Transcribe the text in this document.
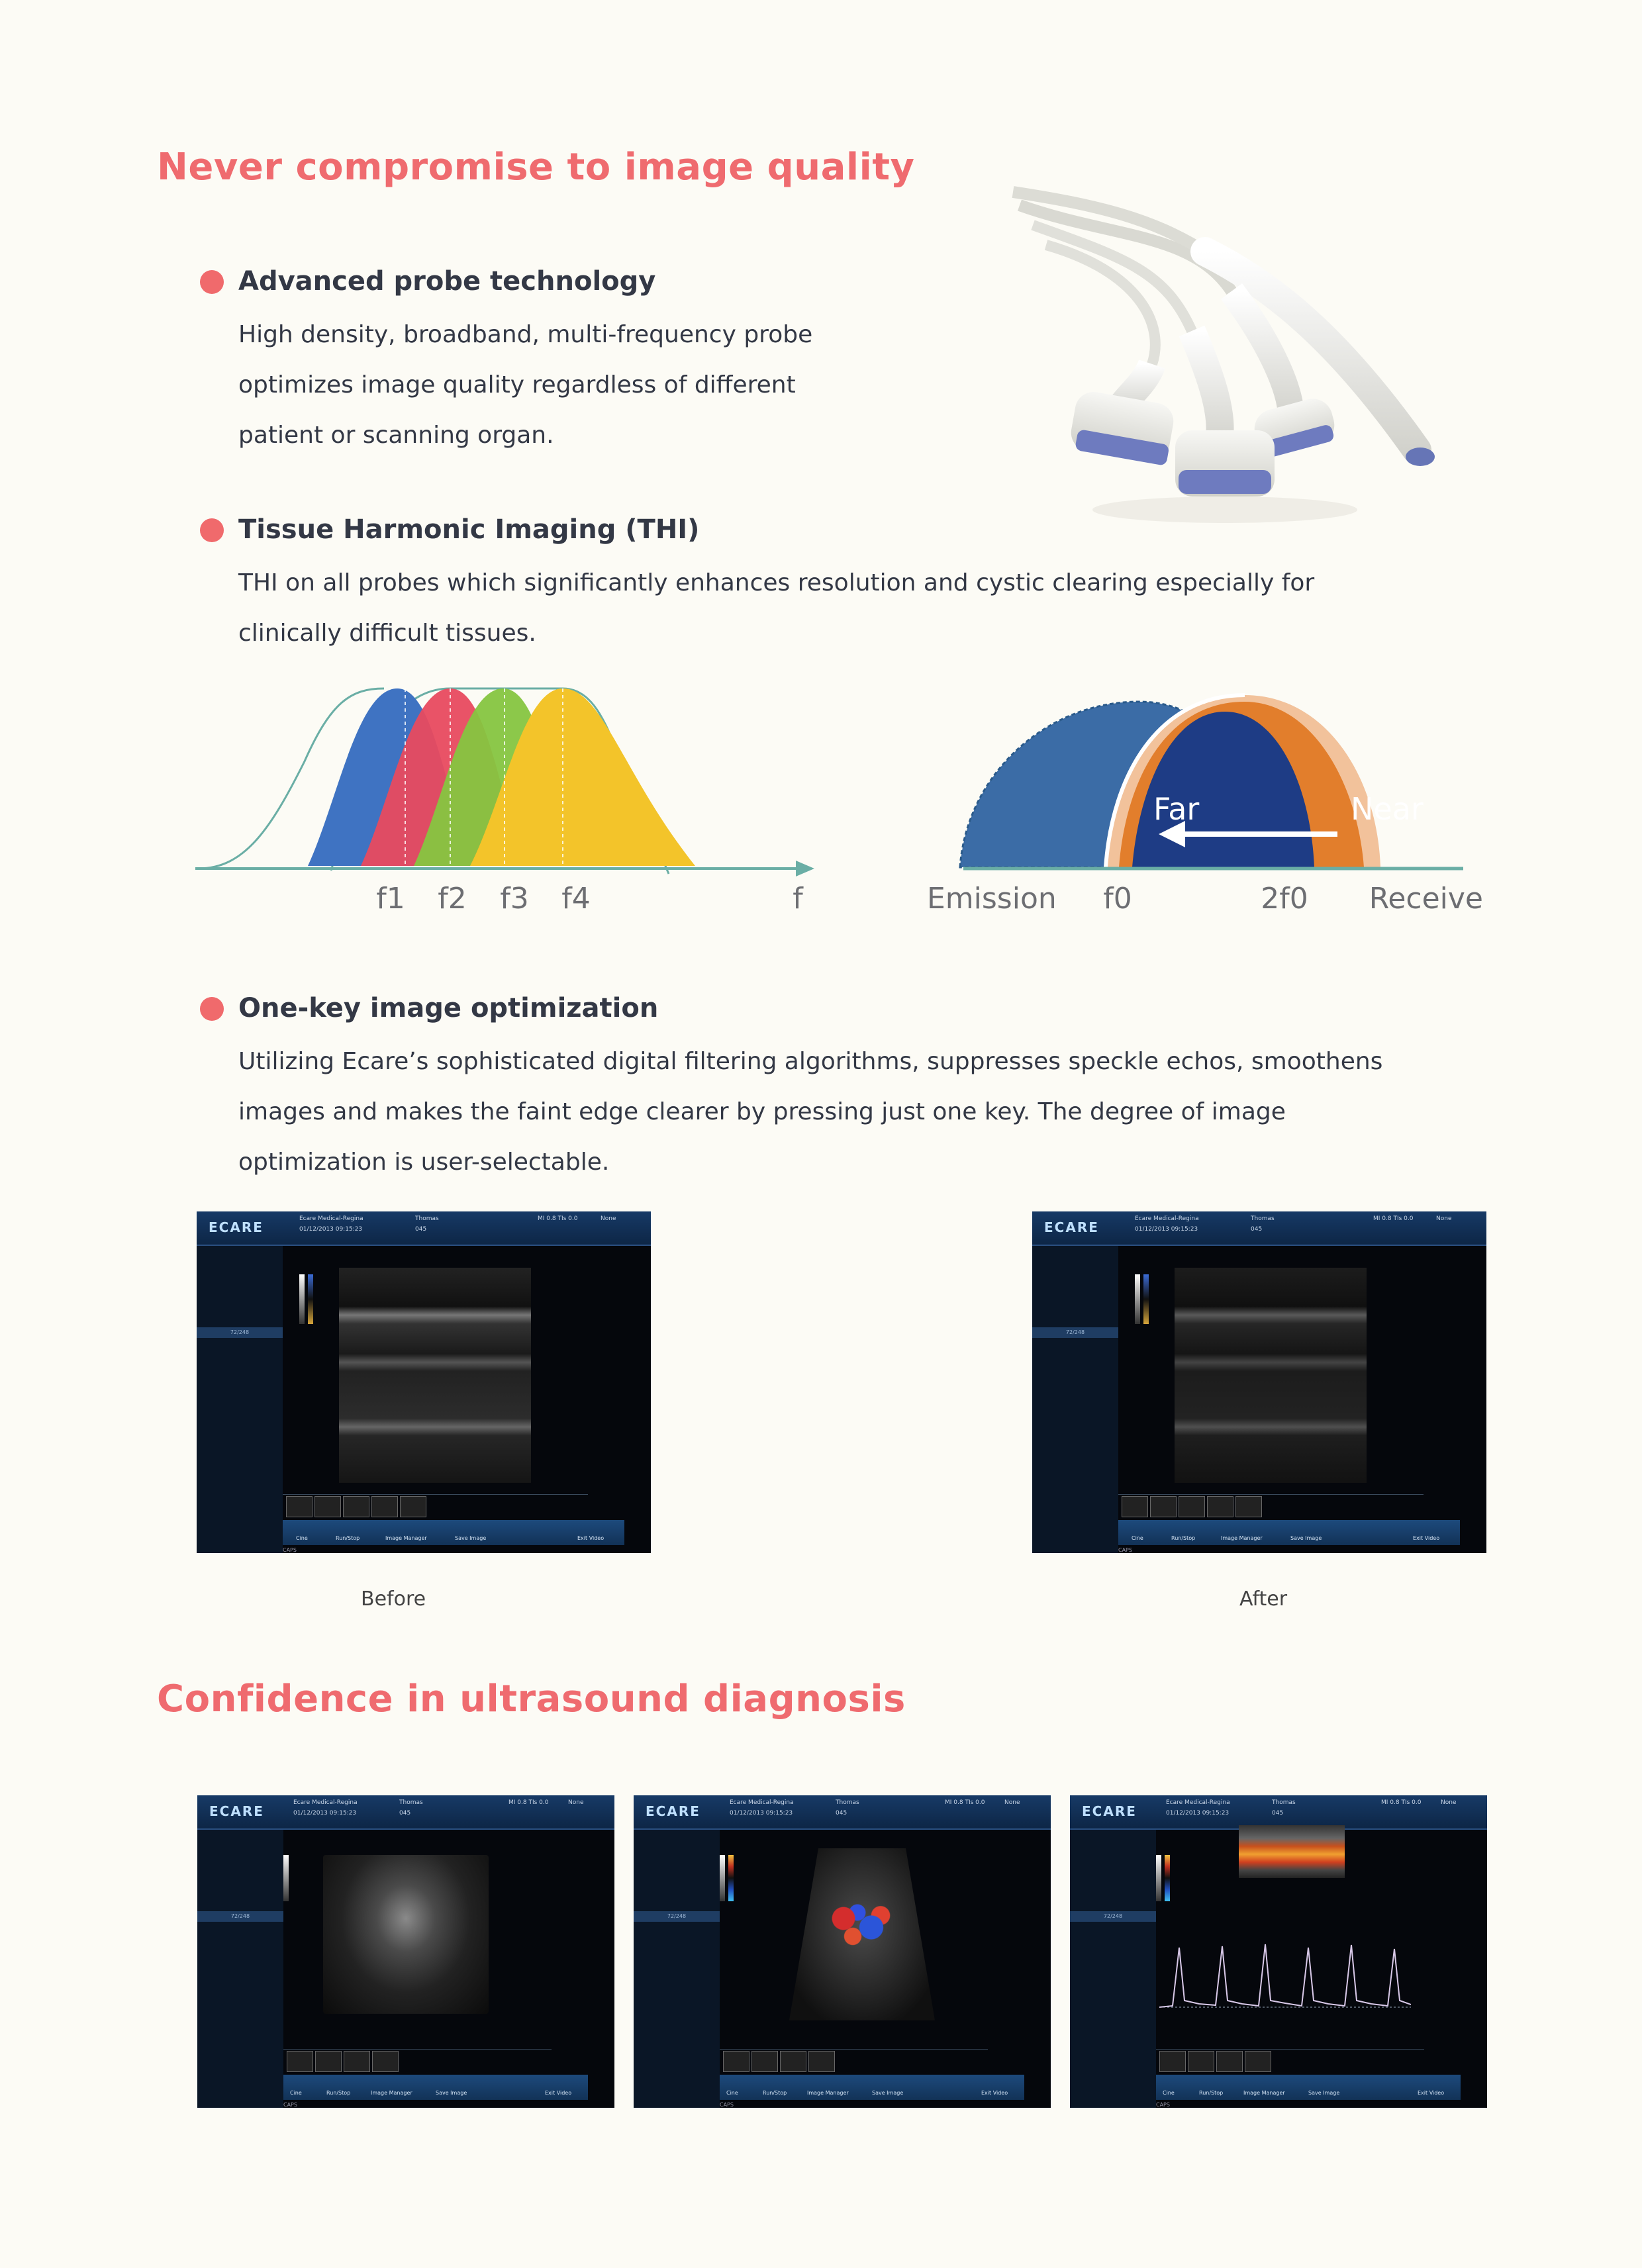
Never compromise to image quality
Advanced probe technology
High density, broadband, multi-frequency probe
optimizes image quality regardless of different
patient or scanning organ.
Tissue Harmonic Imaging (THI)
THI on all probes which significantly enhances resolution and cystic clearing especially for
clinically difficult tissues.
f1 f2 f3 f4	f
Far	Near
Emission f0	2f0 Receive
One-key image optimization
Utilizing Ecare’s sophisticated digital filtering algorithms, suppresses speckle echos, smoothens
images and makes the faint edge clearer by pressing just one key. The degree of image
optimization is user-selectable.
ECARE
Ecare Medical-Regina
01/12/2013 09:15:23
Thomas
045
MI 0.8 TIs 0.0	None
72/248
Cine	Run/Stop	Image Manager	Save Image	Exit Video
CAPS
ECARE
Ecare Medical-Regina
01/12/2013 09:15:23
Thomas
045
MI 0.8 TIs 0.0	None
72/248
Cine	Run/Stop	Image Manager	Save Image	Exit Video
CAPS
Before	After
Confidence in ultrasound diagnosis
ECARE
Ecare Medical-Regina
01/12/2013 09:15:23
Thomas
045
MI 0.8 TIs 0.0	None
72/248
Cine	Run/Stop	Image Manager	Save Image	Exit Video
CAPS
ECARE
Ecare Medical-Regina
01/12/2013 09:15:23
Thomas
045
MI 0.8 TIs 0.0	None
72/248
Cine	Run/Stop	Image Manager	Save Image	Exit Video
CAPS
ECARE
Ecare Medical-Regina
01/12/2013 09:15:23
Thomas
045
MI 0.8 TIs 0.0	None
72/248
Cine	Run/Stop	Image Manager	Save Image	Exit Video
CAPS
